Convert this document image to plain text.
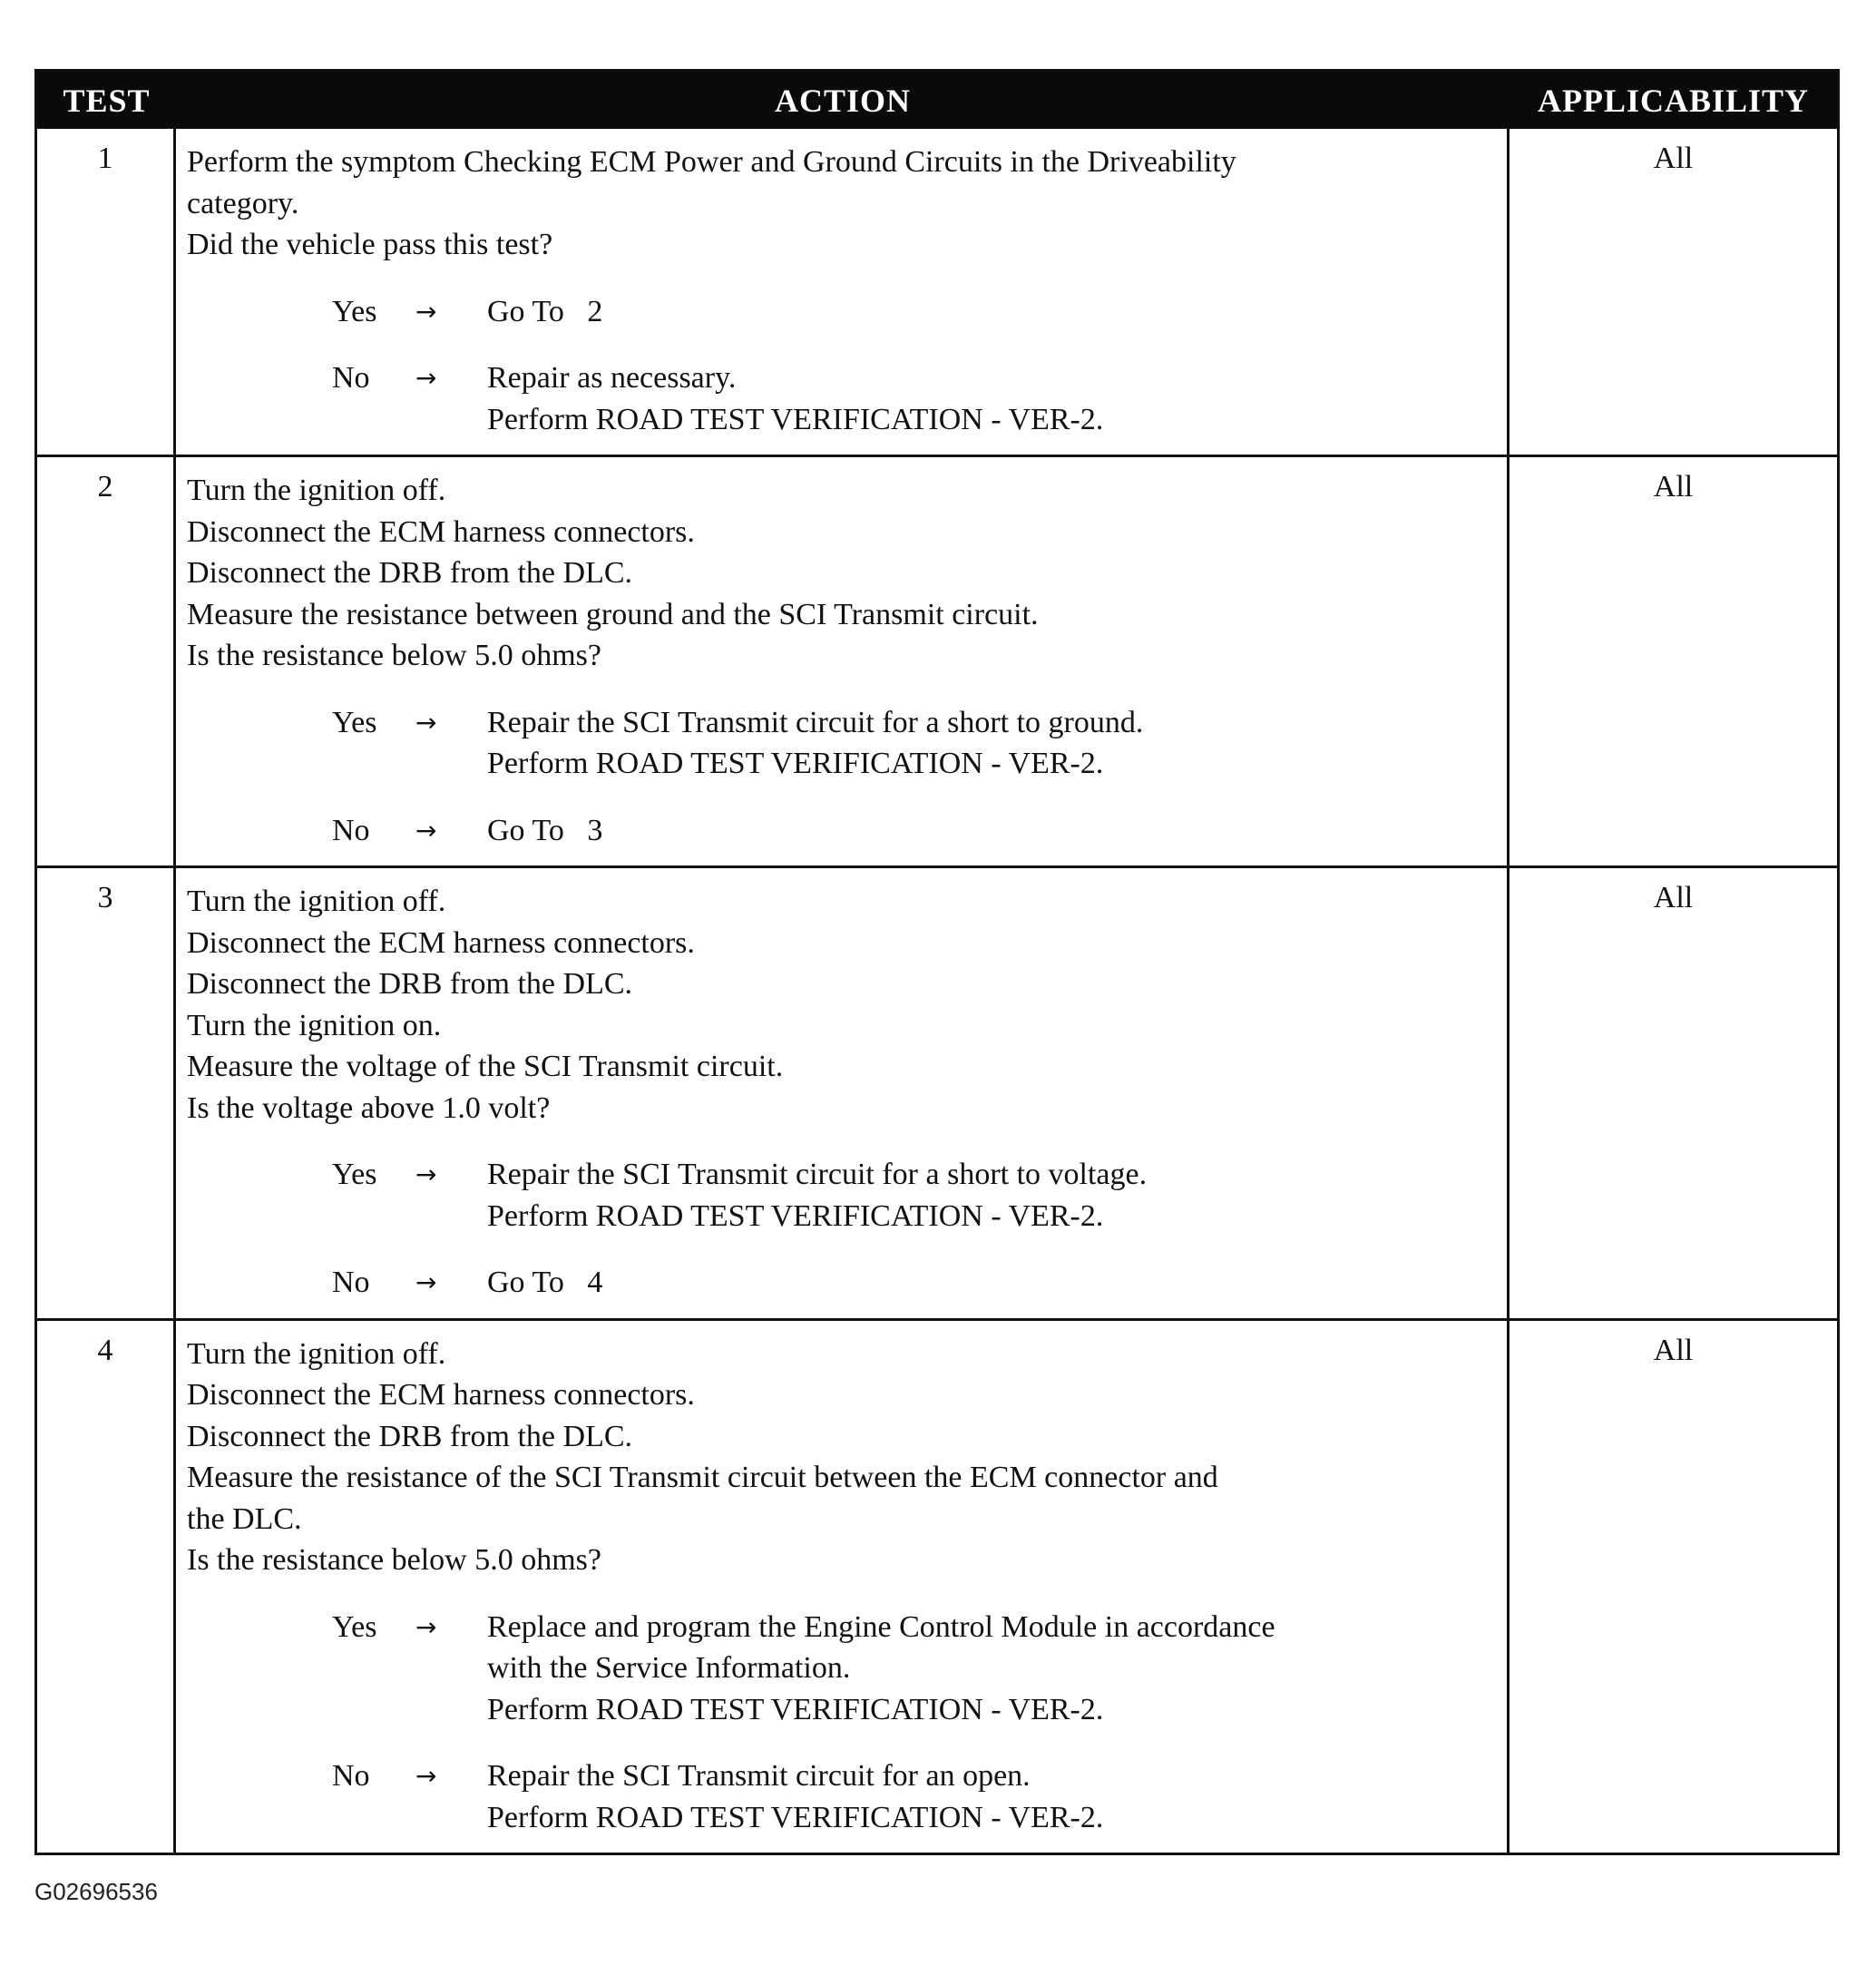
TEST	ACTION	APPLICABILITY
1	Perform the symptom Checking ECM Power and Ground Circuits in the Driveability
category.
Did the vehicle pass this test?
Yes	→	Go To   2
No	→	Repair as necessary.
Perform ROAD TEST VERIFICATION - VER-2.
All
2	Turn the ignition off.
Disconnect the ECM harness connectors.
Disconnect the DRB from the DLC.
Measure the resistance between ground and the SCI Transmit circuit.
Is the resistance below 5.0 ohms?
Yes	→	Repair the SCI Transmit circuit for a short to ground.
Perform ROAD TEST VERIFICATION - VER-2.
No	→	Go To   3
All
3	Turn the ignition off.
Disconnect the ECM harness connectors.
Disconnect the DRB from the DLC.
Turn the ignition on.
Measure the voltage of the SCI Transmit circuit.
Is the voltage above 1.0 volt?
Yes	→	Repair the SCI Transmit circuit for a short to voltage.
Perform ROAD TEST VERIFICATION - VER-2.
No	→	Go To   4
All
4	Turn the ignition off.
Disconnect the ECM harness connectors.
Disconnect the DRB from the DLC.
Measure the resistance of the SCI Transmit circuit between the ECM connector and
the DLC.
Is the resistance below 5.0 ohms?
Yes	→	Replace and program the Engine Control Module in accordance
with the Service Information.
Perform ROAD TEST VERIFICATION - VER-2.
No	→	Repair the SCI Transmit circuit for an open.
Perform ROAD TEST VERIFICATION - VER-2.
All
G02696536
